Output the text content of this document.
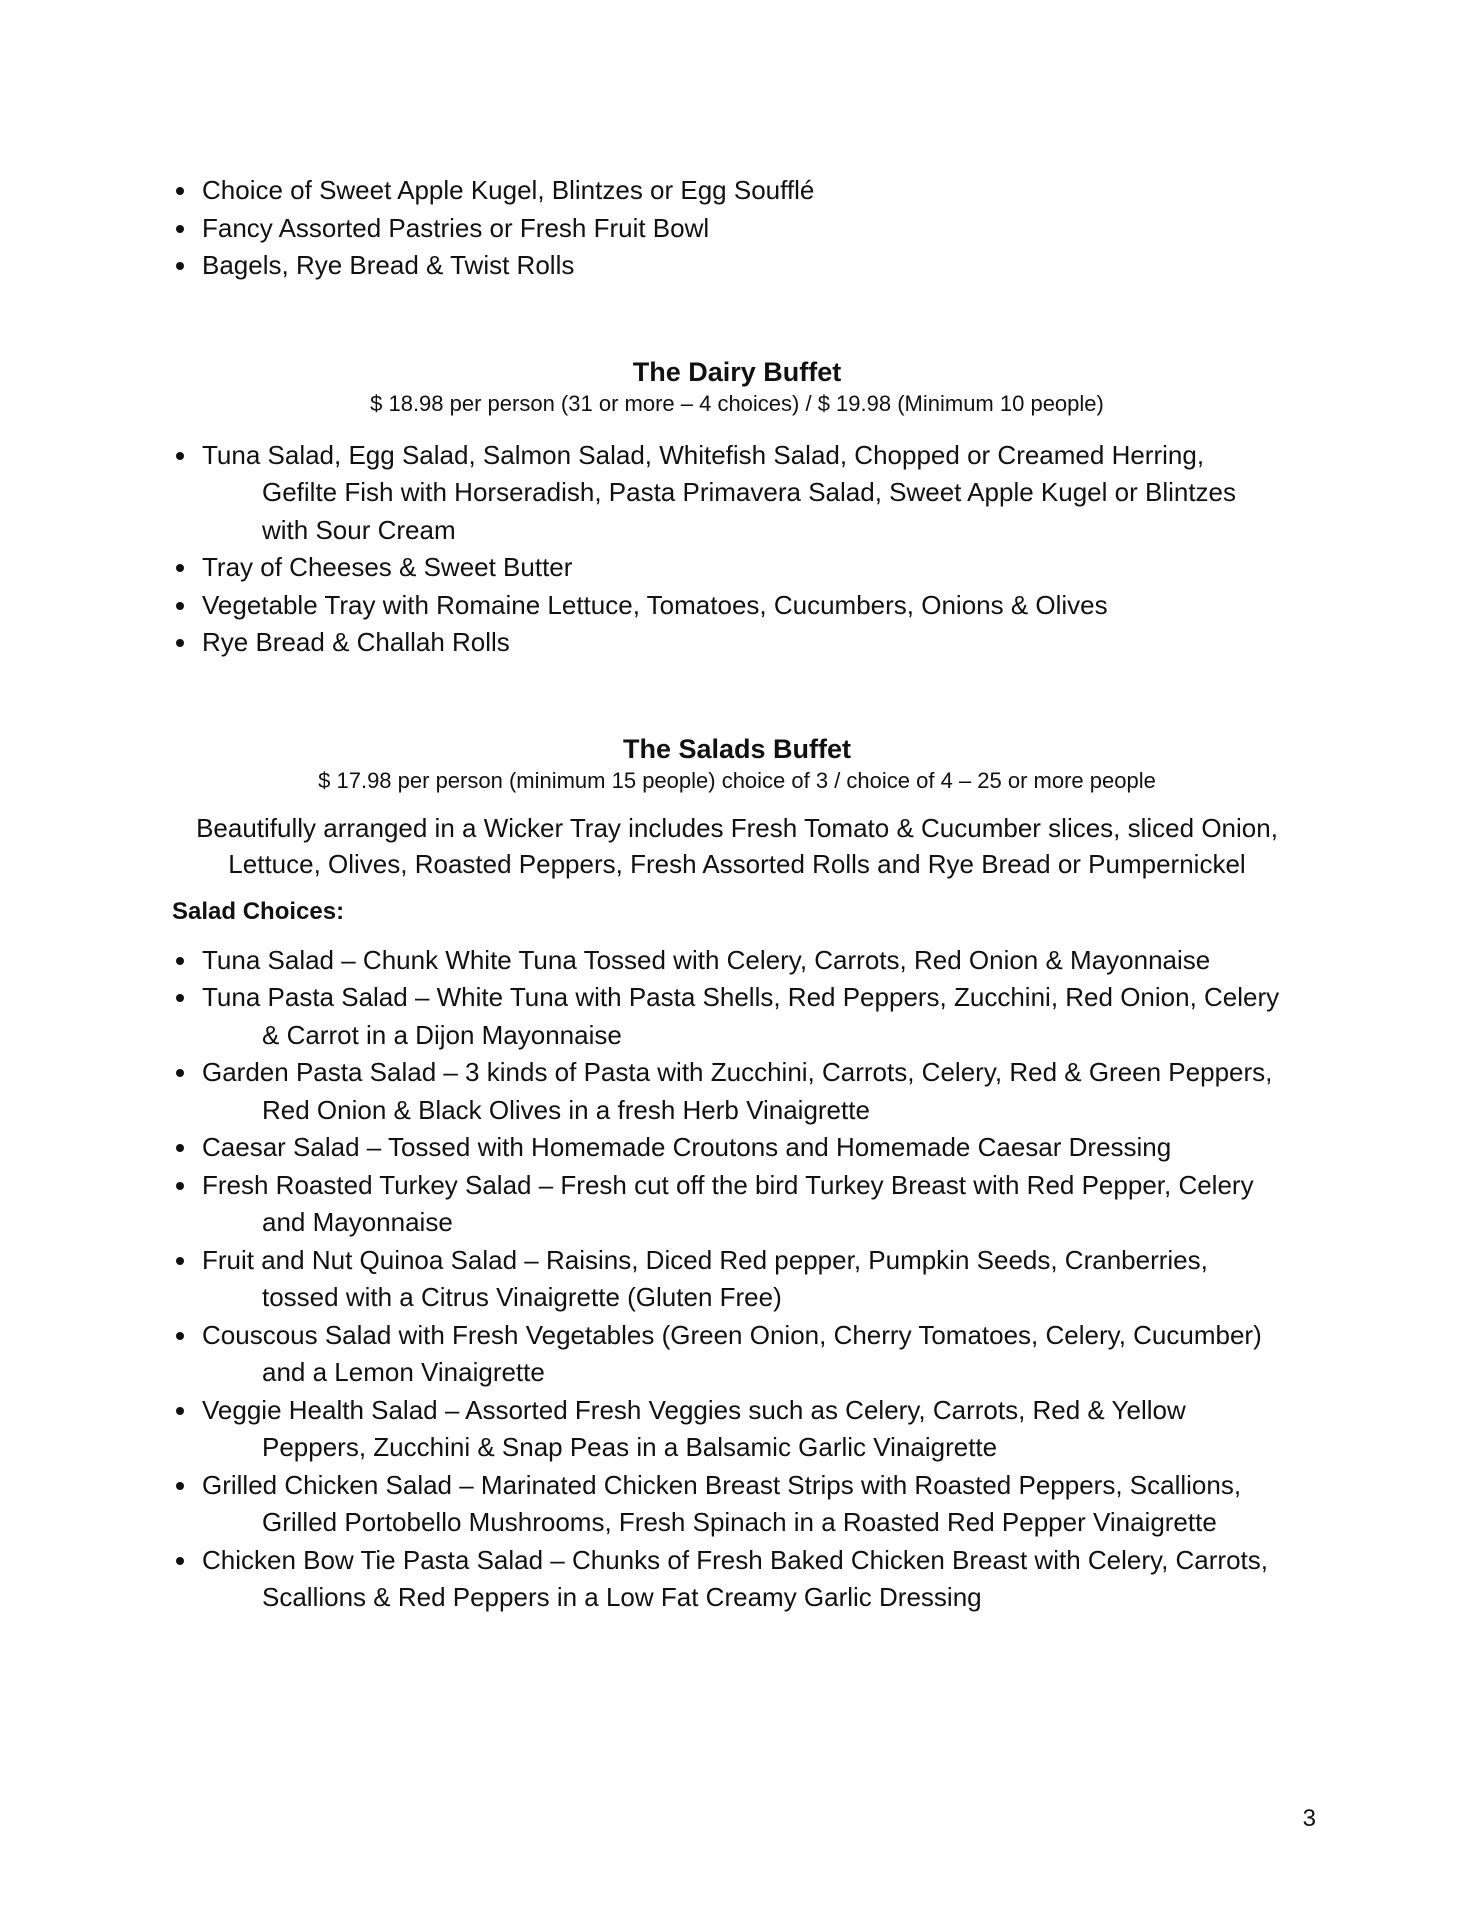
Choice of Sweet Apple Kugel, Blintzes or Egg Soufflé
Fancy Assorted Pastries or Fresh Fruit Bowl
Bagels, Rye Bread & Twist Rolls
The Dairy Buffet

$ 18.98 per person (31 or more – 4 choices) / $ 19.98 (Minimum 10 people)

Tuna Salad, Egg Salad, Salmon Salad, Whitefish Salad, Chopped or Creamed Herring,
Gefilte Fish with Horseradish, Pasta Primavera Salad, Sweet Apple Kugel or Blintzes
with Sour Cream
Tray of Cheeses & Sweet Butter
Vegetable Tray with Romaine Lettuce, Tomatoes, Cucumbers, Onions & Olives
Rye Bread & Challah Rolls
The Salads Buffet

$ 17.98 per person (minimum 15 people) choice of 3 / choice of 4 – 25 or more people

Beautifully arranged in a Wicker Tray includes Fresh Tomato & Cucumber slices, sliced Onion,
Lettuce, Olives, Roasted Peppers, Fresh Assorted Rolls and Rye Bread or Pumpernickel

Salad Choices:

Tuna Salad – Chunk White Tuna Tossed with Celery, Carrots, Red Onion & Mayonnaise
Tuna Pasta Salad – White Tuna with Pasta Shells, Red Peppers, Zucchini, Red Onion, Celery
& Carrot in a Dijon Mayonnaise
Garden Pasta Salad – 3 kinds of Pasta with Zucchini, Carrots, Celery, Red & Green Peppers,
Red Onion & Black Olives in a fresh Herb Vinaigrette
Caesar Salad – Tossed with Homemade Croutons and Homemade Caesar Dressing
Fresh Roasted Turkey Salad – Fresh cut off the bird Turkey Breast with Red Pepper, Celery
and Mayonnaise
Fruit and Nut Quinoa Salad – Raisins, Diced Red pepper, Pumpkin Seeds, Cranberries,
tossed with a Citrus Vinaigrette (Gluten Free)
Couscous Salad with Fresh Vegetables (Green Onion, Cherry Tomatoes, Celery, Cucumber)
and a Lemon Vinaigrette
Veggie Health Salad – Assorted Fresh Veggies such as Celery, Carrots, Red & Yellow
Peppers, Zucchini & Snap Peas in a Balsamic Garlic Vinaigrette
Grilled Chicken Salad – Marinated Chicken Breast Strips with Roasted Peppers, Scallions,
Grilled Portobello Mushrooms, Fresh Spinach in a Roasted Red Pepper Vinaigrette
Chicken Bow Tie Pasta Salad – Chunks of Fresh Baked Chicken Breast with Celery, Carrots,
Scallions & Red Peppers in a Low Fat Creamy Garlic Dressing
3
